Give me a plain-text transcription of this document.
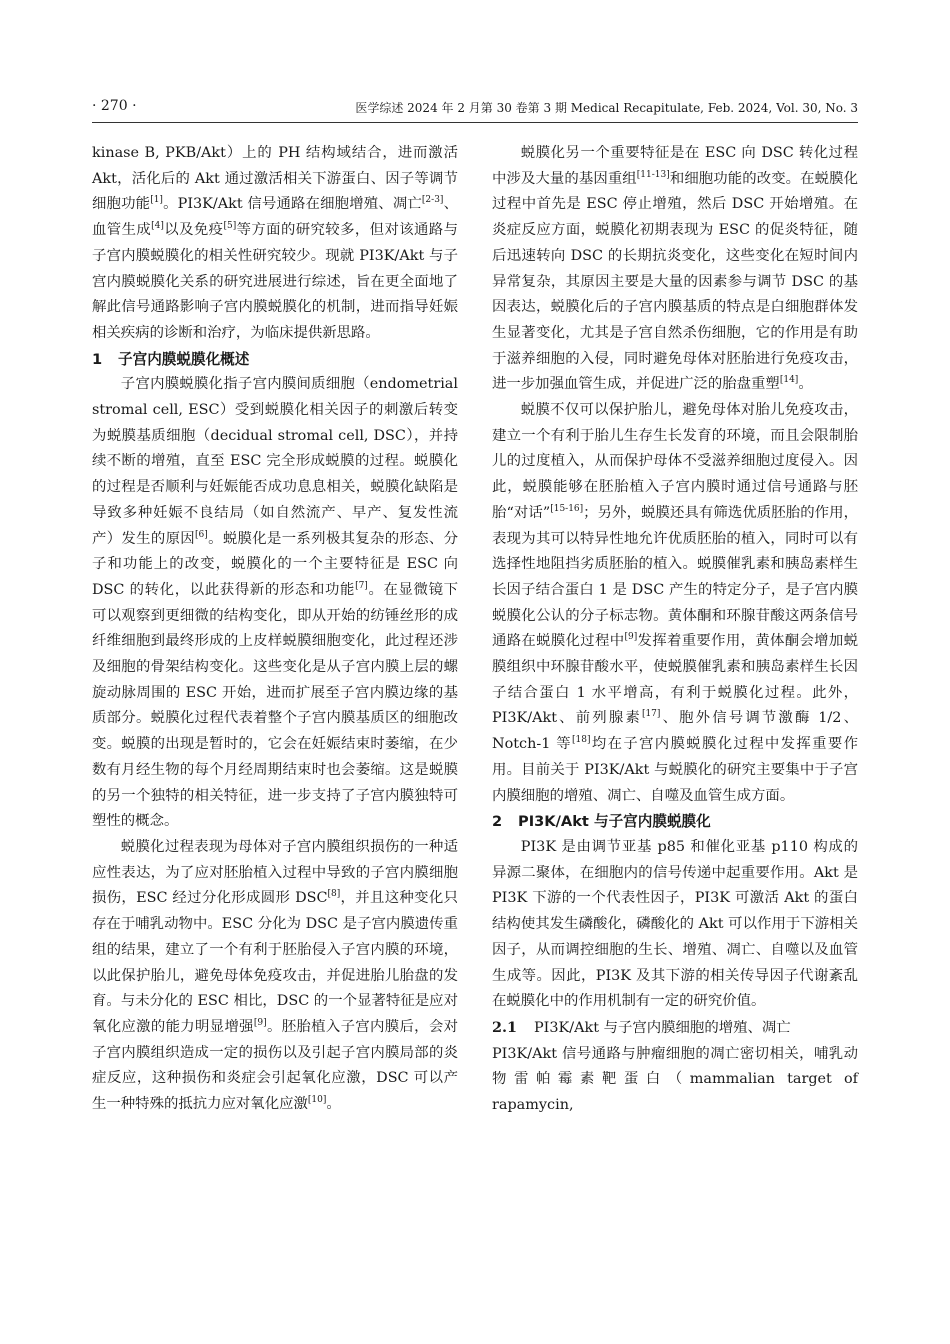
· 270 ·	医学综述 2024 年 2 月第 30 卷第 3 期 Medical Recapitulate, Feb. 2024, Vol. 30, No. 3

kinase B, PKB/Akt）上的 PH 结构域结合，进而激活 Akt，活化后的 Akt 通过激活相关下游蛋白、因子等调节细胞功能[1]。PI3K/Akt 信号通路在细胞增殖、凋亡[2-3]、血管生成[4]以及免疫[5]等方面的研究较多，但对该通路与子宫内膜蜕膜化的相关性研究较少。现就 PI3K/Akt 与子宫内膜蜕膜化关系的研究进展进行综述，旨在更全面地了解此信号通路影响子宫内膜蜕膜化的机制，进而指导妊娠相关疾病的诊断和治疗，为临床提供新思路。

1 子宫内膜蜕膜化概述

子宫内膜蜕膜化指子宫内膜间质细胞（endometrial stromal cell, ESC）受到蜕膜化相关因子的刺激后转变为蜕膜基质细胞（decidual stromal cell, DSC），并持续不断的增殖，直至 ESC 完全形成蜕膜的过程。蜕膜化的过程是否顺利与妊娠能否成功息息相关，蜕膜化缺陷是导致多种妊娠不良结局（如自然流产、早产、复发性流产）发生的原因[6]。蜕膜化是一系列极其复杂的形态、分子和功能上的改变，蜕膜化的一个主要特征是 ESC 向 DSC 的转化，以此获得新的形态和功能[7]。在显微镜下可以观察到更细微的结构变化，即从开始的纺锤丝形的成纤维细胞到最终形成的上皮样蜕膜细胞变化，此过程还涉及细胞的骨架结构变化。这些变化是从子宫内膜上层的螺旋动脉周围的 ESC 开始，进而扩展至子宫内膜边缘的基质部分。蜕膜化过程代表着整个子宫内膜基质区的细胞改变。蜕膜的出现是暂时的，它会在妊娠结束时萎缩，在少数有月经生物的每个月经周期结束时也会萎缩。这是蜕膜的另一个独特的相关特征，进一步支持了子宫内膜独特可塑性的概念。

蜕膜化过程表现为母体对子宫内膜组织损伤的一种适应性表达，为了应对胚胎植入过程中导致的子宫内膜细胞损伤，ESC 经过分化形成圆形 DSC[8]，并且这种变化只存在于哺乳动物中。ESC 分化为 DSC 是子宫内膜遗传重组的结果，建立了一个有利于胚胎侵入子宫内膜的环境，以此保护胎儿，避免母体免疫攻击，并促进胎儿胎盘的发育。与未分化的 ESC 相比，DSC 的一个显著特征是应对氧化应激的能力明显增强[9]。胚胎植入子宫内膜后，会对子宫内膜组织造成一定的损伤以及引起子宫内膜局部的炎症反应，这种损伤和炎症会引起氧化应激，DSC 可以产生一种特殊的抵抗力应对氧化应激[10]。

蜕膜化另一个重要特征是在 ESC 向 DSC 转化过程中涉及大量的基因重组[11-13]和细胞功能的改变。在蜕膜化过程中首先是 ESC 停止增殖，然后 DSC 开始增殖。在炎症反应方面，蜕膜化初期表现为 ESC 的促炎特征，随后迅速转向 DSC 的长期抗炎变化，这些变化在短时间内异常复杂，其原因主要是大量的因素参与调节 DSC 的基因表达，蜕膜化后的子宫内膜基质的特点是白细胞群体发生显著变化，尤其是子宫自然杀伤细胞，它的作用是有助于滋养细胞的入侵，同时避免母体对胚胎进行免疫攻击，进一步加强血管生成，并促进广泛的胎盘重塑[14]。

蜕膜不仅可以保护胎儿，避免母体对胎儿免疫攻击，建立一个有利于胎儿生存生长发育的环境，而且会限制胎儿的过度植入，从而保护母体不受滋养细胞过度侵入。因此，蜕膜能够在胚胎植入子宫内膜时通过信号通路与胚胎“对话”[15-16]；另外，蜕膜还具有筛选优质胚胎的作用，表现为其可以特异性地允许优质胚胎的植入，同时可以有选择性地阻挡劣质胚胎的植入。蜕膜催乳素和胰岛素样生长因子结合蛋白 1 是 DSC 产生的特定分子，是子宫内膜蜕膜化公认的分子标志物。黄体酮和环腺苷酸这两条信号通路在蜕膜化过程中[9]发挥着重要作用，黄体酮会增加蜕膜组织中环腺苷酸水平，使蜕膜催乳素和胰岛素样生长因子结合蛋白 1 水平增高，有利于蜕膜化过程。此外，PI3K/Akt、前列腺素[17]、胞外信号调节激酶 1/2、Notch-1 等[18]均在子宫内膜蜕膜化过程中发挥重要作用。目前关于 PI3K/Akt 与蜕膜化的研究主要集中于子宫内膜细胞的增殖、凋亡、自噬及血管生成方面。

2 PI3K/Akt 与子宫内膜蜕膜化

PI3K 是由调节亚基 p85 和催化亚基 p110 构成的异源二聚体，在细胞内的信号传递中起重要作用。Akt 是 PI3K 下游的一个代表性因子，PI3K 可激活 Akt 的蛋白结构使其发生磷酸化，磷酸化的 Akt 可以作用于下游相关因子，从而调控细胞的生长、增殖、凋亡、自噬以及血管生成等。因此，PI3K 及其下游的相关传导因子代谢紊乱在蜕膜化中的作用机制有一定的研究价值。

2.1 PI3K/Akt 与子宫内膜细胞的增殖、凋亡

PI3K/Akt 信号通路与肿瘤细胞的凋亡密切相关，哺乳动物雷帕霉素靶蛋白（mammalian target of rapamycin,
